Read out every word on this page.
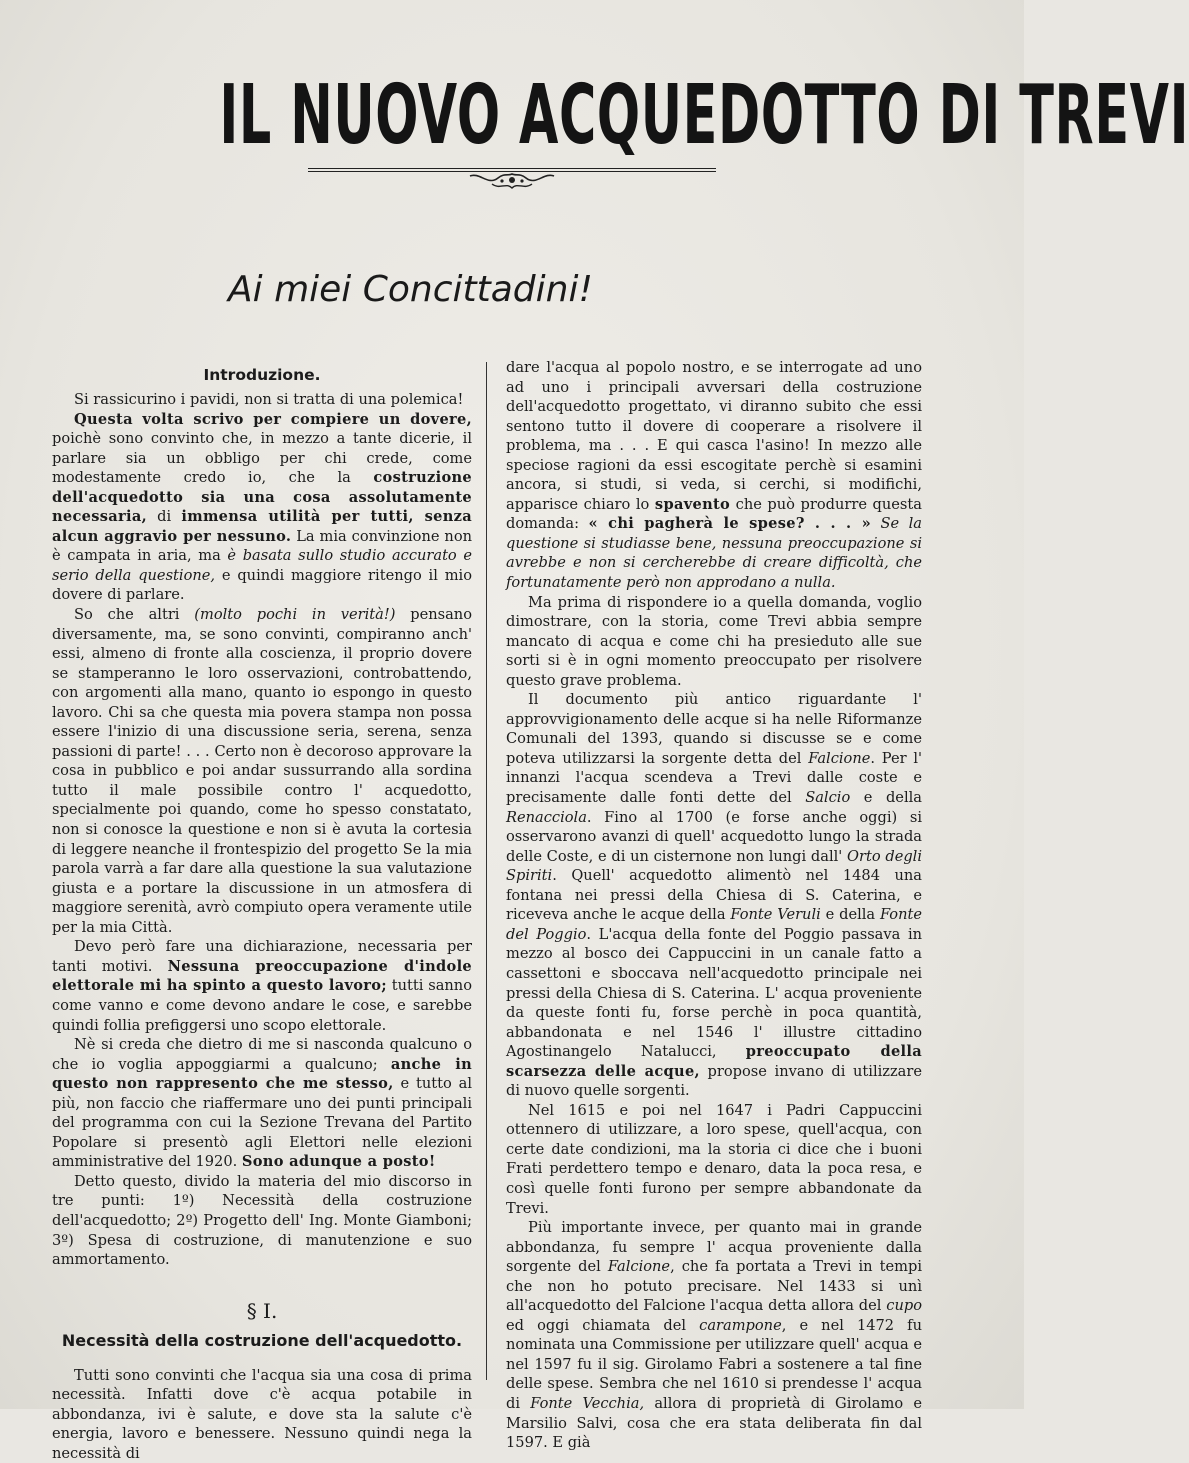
IL NUOVO ACQUEDOTTO DI TREVI
Ai miei Concittadini!
Introduzione.

Si rassicurino i pavidi, non si tratta di una polemica!

Questa volta scrivo per compiere un dovere, poichè sono convinto che, in mezzo a tante dicerie, il parlare sia un obbligo per chi crede, come modestamente credo io, che la costruzione dell'acquedotto sia una cosa assolutamente necessaria, di immensa utilità per tutti, senza alcun aggravio per nessuno. La mia convinzione non è campata in aria, ma è basata sullo studio accurato e serio della questione, e quindi maggiore ritengo il mio dovere di parlare.

So che altri (molto pochi in verità!) pensano diversamente, ma, se sono convinti, compiranno anch' essi, almeno di fronte alla coscienza, il proprio dovere se stamperanno le loro osservazioni, controbattendo, con argomenti alla mano, quanto io espongo in questo lavoro. Chi sa che questa mia povera stampa non possa essere l'inizio di una discussione seria, serena, senza passioni di parte! . . . Certo non è decoroso approvare la cosa in pubblico e poi andar sussurrando alla sordina tutto il male possibile contro l' acquedotto, specialmente poi quando, come ho spesso constatato, non si conosce la questione e non si è avuta la cortesia di leggere neanche il frontespizio del progetto Se la mia parola varrà a far dare alla questione la sua valutazione giusta e a portare la discussione in un atmosfera di maggiore serenità, avrò compiuto opera veramente utile per la mia Città.

Devo però fare una dichiarazione, necessaria per tanti motivi. Nessuna preoccupazione d'indole elettorale mi ha spinto a questo lavoro; tutti sanno come vanno e come devono andare le cose, e sarebbe quindi follia prefiggersi uno scopo elettorale.

Nè si creda che dietro di me si nasconda qualcuno o che io voglia appoggiarmi a qualcuno; anche in questo non rappresento che me stesso, e tutto al più, non faccio che riaffermare uno dei punti principali del programma con cui la Sezione Trevana del Partito Popolare si presentò agli Elettori nelle elezioni amministrative del 1920. Sono adunque a posto!

Detto questo, divido la materia del mio discorso in tre punti: 1º) Necessità della costruzione dell'acquedotto; 2º) Progetto dell' Ing. Monte Giamboni; 3º) Spesa di costruzione, di manutenzione e suo ammortamento.

§ I.
Necessità della costruzione dell'acquedotto.

Tutti sono convinti che l'acqua sia una cosa di prima necessità. Infatti dove c'è acqua potabile in abbondanza, ivi è salute, e dove sta la salute c'è energia, lavoro e benessere. Nessuno quindi nega la necessità di

dare l'acqua al popolo nostro, e se interrogate ad uno ad uno i principali avversari della costruzione dell'acquedotto progettato, vi diranno subito che essi sentono tutto il dovere di cooperare a risolvere il problema, ma . . . E qui casca l'asino! In mezzo alle speciose ragioni da essi escogitate perchè si esamini ancora, si studi, si veda, si cerchi, si modifichi, apparisce chiaro lo spavento che può produrre questa domanda: « chi pagherà le spese? . . . » Se la questione si studiasse bene, nessuna preoccupazione si avrebbe e non si cercherebbe di creare difficoltà, che fortunatamente però non approdano a nulla.

Ma prima di rispondere io a quella domanda, voglio dimostrare, con la storia, come Trevi abbia sempre mancato di acqua e come chi ha presieduto alle sue sorti si è in ogni momento preoccupato per risolvere questo grave problema.

Il documento più antico riguardante l' approvvigionamento delle acque si ha nelle Riformanze Comunali del 1393, quando si discusse se e come poteva utilizzarsi la sorgente detta del Falcione. Per l' innanzi l'acqua scendeva a Trevi dalle coste e precisamente dalle fonti dette del Salcio e della Renacciola. Fino al 1700 (e forse anche oggi) si osservarono avanzi di quell' acquedotto lungo la strada delle Coste, e di un cisternone non lungi dall' Orto degli Spiriti. Quell' acquedotto alimentò nel 1484 una fontana nei pressi della Chiesa di S. Caterina, e riceveva anche le acque della Fonte Veruli e della Fonte del Poggio. L'acqua della fonte del Poggio passava in mezzo al bosco dei Cappuccini in un canale fatto a cassettoni e sboccava nell'acquedotto principale nei pressi della Chiesa di S. Caterina. L' acqua proveniente da queste fonti fu, forse perchè in poca quantità, abbandonata e nel 1546 l' illustre cittadino Agostinangelo Natalucci, preoccupato della scarsezza delle acque, propose invano di utilizzare di nuovo quelle sorgenti.

Nel 1615 e poi nel 1647 i Padri Cappuccini ottennero di utilizzare, a loro spese, quell'acqua, con certe date condizioni, ma la storia ci dice che i buoni Frati perdettero tempo e denaro, data la poca resa, e così quelle fonti furono per sempre abbandonate da Trevi.

Più importante invece, per quanto mai in grande abbondanza, fu sempre l' acqua proveniente dalla sorgente del Falcione, che fa portata a Trevi in tempi che non ho potuto precisare. Nel 1433 si unì all'acquedotto del Falcione l'acqua detta allora del cupo ed oggi chiamata del carampone, e nel 1472 fu nominata una Commissione per utilizzare quell' acqua e nel 1597 fu il sig. Girolamo Fabri a sostenere a tal fine delle spese. Sembra che nel 1610 si prendesse l' acqua di Fonte Vecchia, allora di proprietà di Girolamo e Marsilio Salvi, cosa che era stata deliberata fin dal 1597. E già
